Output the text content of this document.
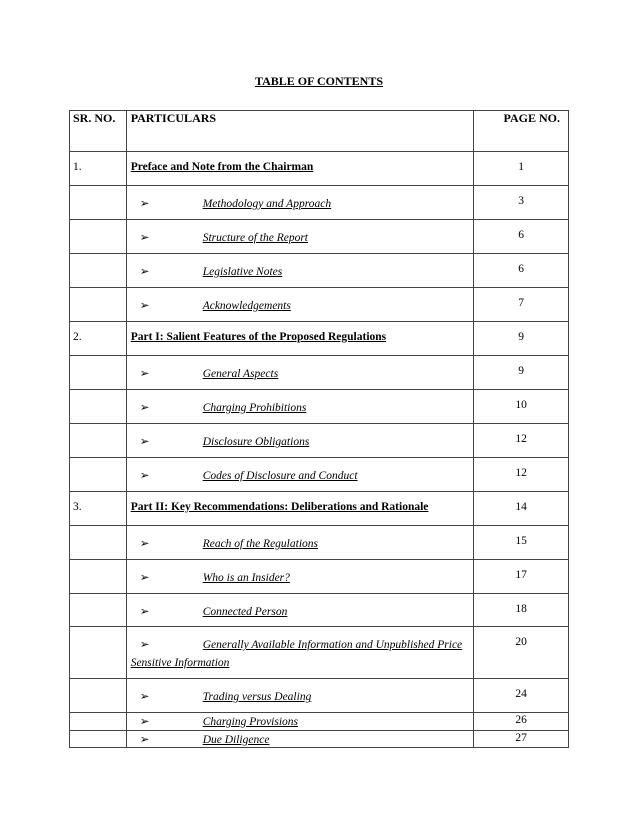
TABLE OF CONTENTS
SR. NO.	PARTICULARS	PAGE NO.

1.	Preface and Note from the Chairman	1

	➢ Methodology and Approach	3

	➢ Structure of the Report	6

	➢ Legislative Notes	6

	➢ Acknowledgements	7

2.	Part I: Salient Features of the Proposed Regulations	9

	➢ General Aspects	9

	➢ Charging Prohibitions	10

	➢ Disclosure Obligations	12

	➢ Codes of Disclosure and Conduct	12

3.	Part II: Key Recommendations: Deliberations and Rationale	14

	➢ Reach of the Regulations	15

	➢ Who is an Insider?	17

	➢ Connected Person	18

	➢ Generally Available Information and Unpublished Price Sensitive Information	20

	➢ Trading versus Dealing	24

	➢ Charging Provisions	26

	➢ Due Diligence	27
